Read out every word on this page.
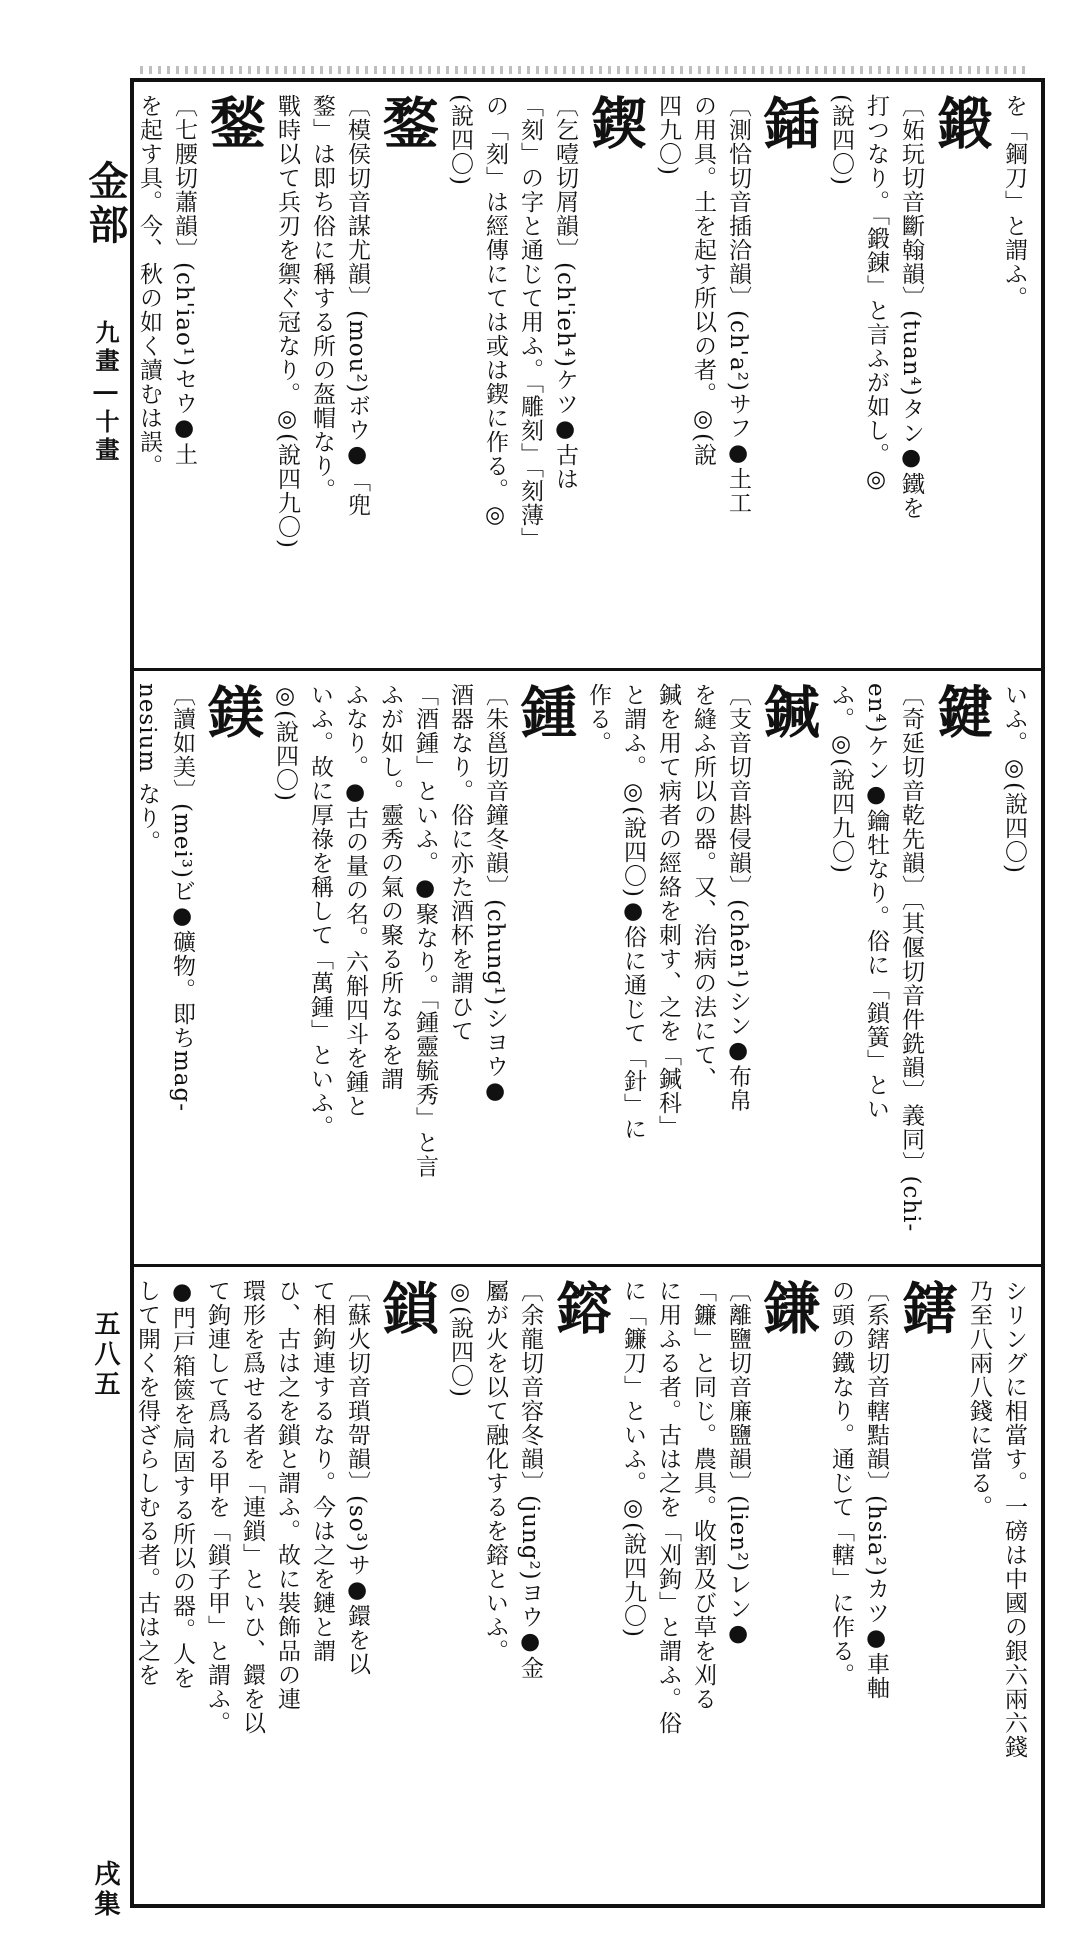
金部
九畫―十畫
五八五
戌集
を「鋼刀」と謂ふ。
鍛
〔妬玩切音斷翰韻〕(tuan⁴)タン●鐵を
打つなり。「鍛錬」と言ふが如し。◎
(說四〇)
鍤
〔測恰切音插洽韻〕(ch'a²)サフ●土工
の用具。土を起す所以の者。◎(說
四九〇)
鍥
〔乞噎切屑韻〕(ch'ieh⁴)ケツ●古は
「刻」の字と通じて用ふ。「雕刻」「刻薄」
の「刻」は經傳にては或は鍥に作る。◎
(說四〇)
鍪
〔模侯切音謀尤韻〕(mou²)ボウ●「兜
鍪」は即ち俗に稱する所の盔帽なり。
戰時以て兵刃を禦ぐ冠なり。◎(說四九〇)
鍫
〔七腰切蕭韻〕(ch'iao¹)セウ●土
を起す具。今、秋の如く讀むは誤。
いふ。◎(說四〇)
鍵
〔奇延切音乾先韻〕〔其偃切音件銑韻〕義同〕(chi-en⁴)ケン●鑰牡なり。俗に「鎖簧」とい
ふ。◎(說四九〇)
鍼
〔支音切音斟侵韻〕(chên¹)シン●布帛
を縫ふ所以の器。又、治病の法にて、
鍼を用て病者の經絡を刺す、之を「鍼科」
と謂ふ。◎(說四〇)●俗に通じて「針」に
作る。
鍾
〔朱邕切音鐘冬韻〕(chung¹)シヨウ●
酒器なり。俗に亦た酒杯を謂ひて
「酒鍾」といふ。●聚なり。「鍾靈毓秀」と言
ふが如し。靈秀の氣の聚る所なるを謂
ふなり。●古の量の名。六斛四斗を鍾と
いふ。故に厚祿を稱して「萬鍾」といふ。
◎(說四〇)
鎂
〔讀如美〕(mei³)ビ●礦物。即ちmag-
nesium なり。
シリングに相當す。一磅は中國の銀六兩六錢
乃至八兩八錢に當る。
鎋
〔系鎋切音轄黠韻〕(hsia²)カツ●車軸
の頭の鐵なり。通じて「轄」に作る。
鎌
〔離鹽切音廉鹽韻〕(lien²)レン●
「鐮」と同じ。農具。收割及び草を刈る
に用ふる者。古は之を「刈鉤」と謂ふ。俗
に「鐮刀」といふ。◎(說四九〇)
鎔
〔余龍切音容冬韻〕(jung²)ヨウ●金
屬が火を以て融化するを鎔といふ。
◎(說四〇)
鎖
〔蘇火切音瑣哿韻〕(so³)サ●鐶を以
て相鉤連するなり。今は之を鏈と謂
ひ、古は之を鎖と謂ふ。故に裝飾品の連
環形を爲せる者を「連鎖」といひ、鐶を以
て鉤連して爲れる甲を「鎖子甲」と謂ふ。
●門戸箱篋を扃固する所以の器。人を
して開くを得ざらしむる者。古は之を
